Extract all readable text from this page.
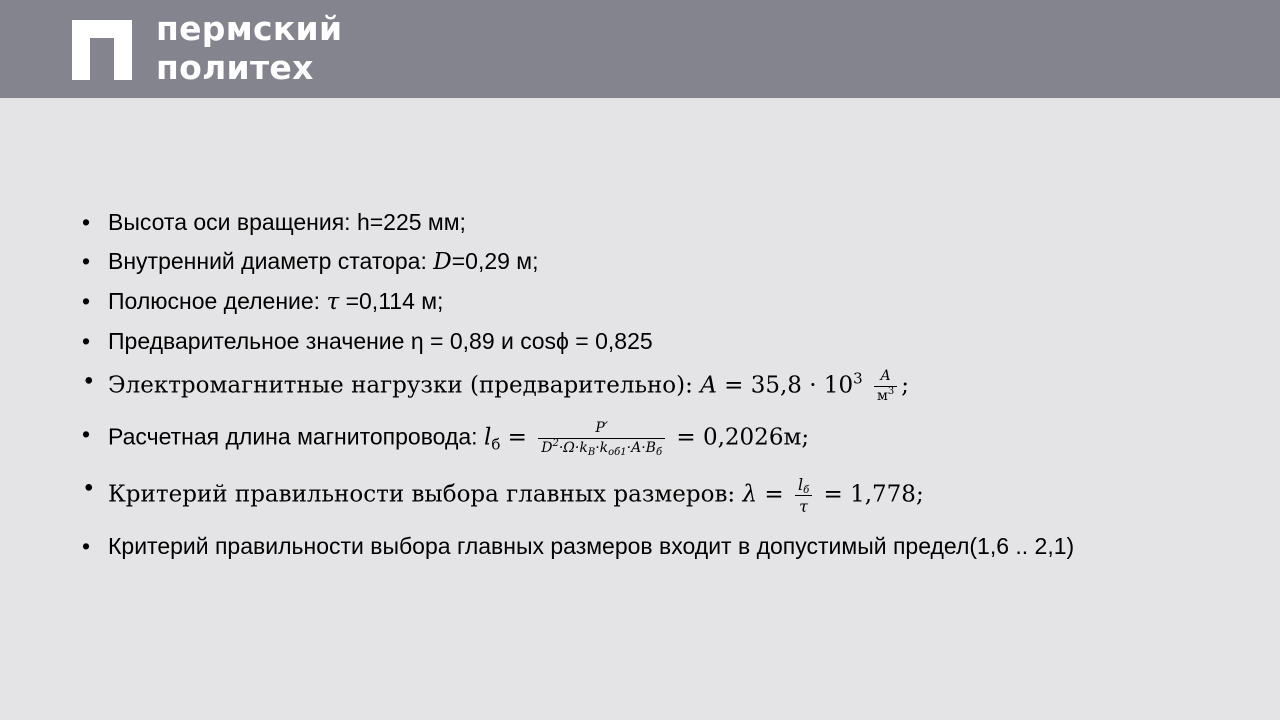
пермский
политех
• Высота оси вращения: h=225 мм;
• Внутренний диаметр статора: D=0,29 м;
• Полюсное деление: τ =0,114 м;
• Предварительное значение η = 0,89 и cosϕ = 0,825
• Электромагнитные нагрузки (предварительно): $A = 35,8 \cdot 10^3 \frac{A}{м^3}$ ;
• Расчетная длина магнитопровода: $l_б = \frac{P'}{D^2\cdot\Omega\cdot k_B\cdot k_{об1}\cdot A\cdot B_б} = 0,2026м$;
• Критерий правильности выбора главных размеров: $\lambda = \frac{l_б}{\tau} = 1,778$;
• Критерий правильности выбора главных размеров входит в допустимый предел(1,6 .. 2,1)
